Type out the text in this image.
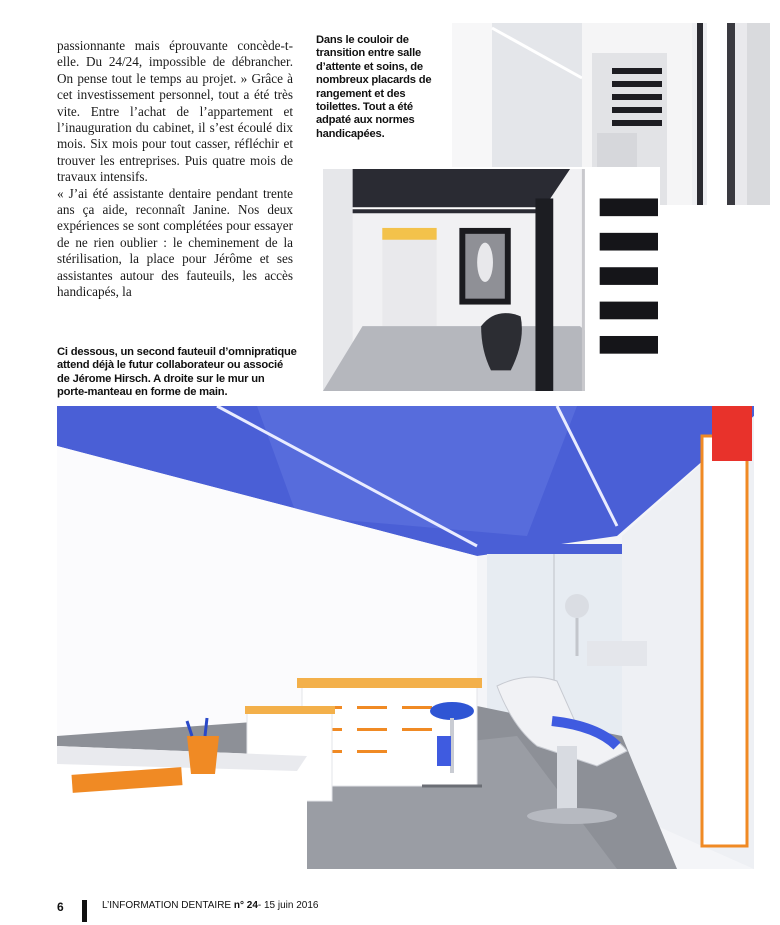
passionnante mais éprouvante concède-t-elle. Du 24/24, impossible de débrancher. On pense tout le temps au projet. » Grâce à cet investissement personnel, tout a été très vite. Entre l’achat de l’appartement et l’inauguration du cabinet, il s’est écoulé dix mois. Six mois pour tout casser, réfléchir et trouver les entreprises. Puis quatre mois de travaux intensifs.

« J’ai été assistante dentaire pendant trente ans ça aide, reconnaît Janine. Nos deux expériences se sont complétées pour essayer de ne rien oublier : le cheminement de la stérilisation, la place pour Jérôme et ses assistantes autour des fauteuils, les accès handicapés, la

Dans le couloir de transition entre salle d’attente et soins, de nombreux placards de rangement et des toilettes. Tout a été adpaté aux normes handicapées.
Ci dessous, un second fauteuil d’omnipratique attend déjà le futur collaborateur ou associé de Jérome Hirsch. A droite sur le mur un porte-manteau en forme de main.
6	L’INFORMATION DENTAIRE n° 24- 15 juin 2016
